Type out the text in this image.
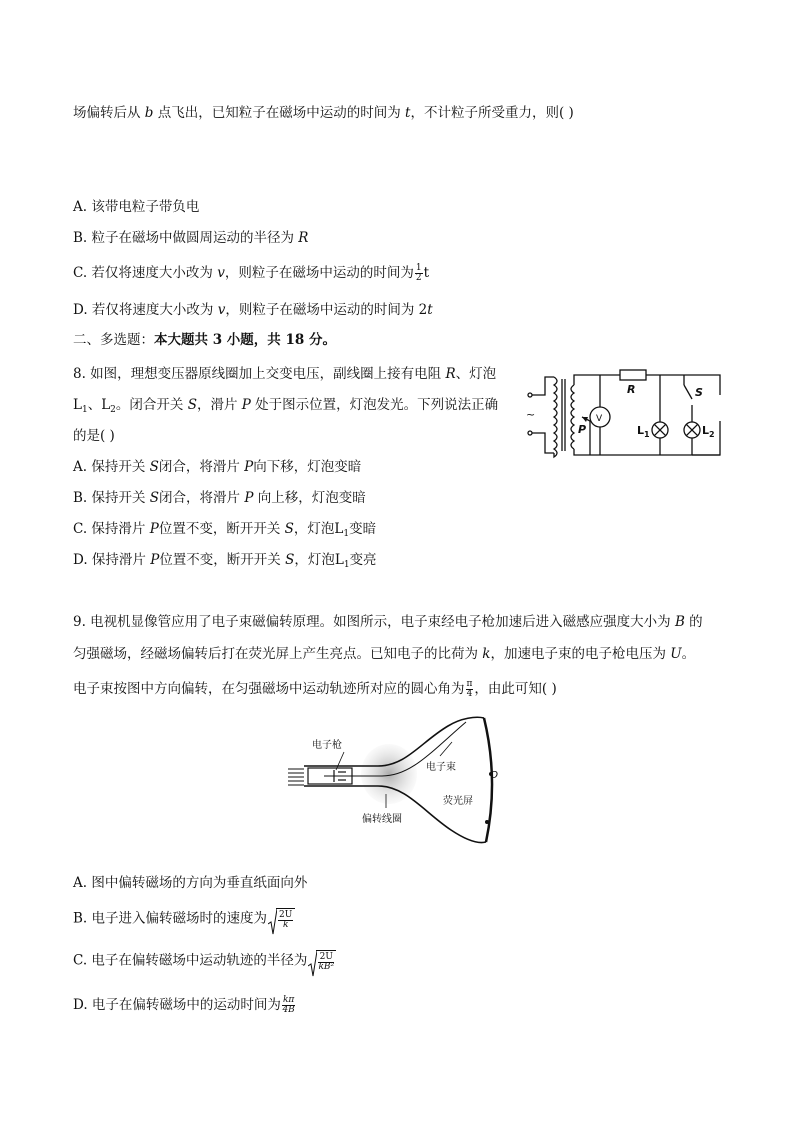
场偏转后从 b 点飞出，已知粒子在磁场中运动的时间为 t，不计粒子所受重力，则( )
A. 该带电粒子带负电
B. 粒子在磁场中做圆周运动的半径为 R
C. 若仅将速度大小改为 v，则粒子在磁场中运动的时间为 $\frac{1}{2}$ t
D. 若仅将速度大小改为 v，则粒子在磁场中运动的时间为 2t
二、多选题：本大题共 3 小题，共 18 分。
8. 如图，理想变压器原线圈加上交变电压，副线圈上接有电阻 R、灯泡
$L_1$、$L_2$。闭合开关 S，滑片 P 处于图示位置，灯泡发光。下列说法正确
的是( )
A. 保持开关 S闭合，将滑片 P向下移，灯泡变暗
B. 保持开关 S闭合，将滑片 P 向上移，灯泡变暗
C. 保持滑片 P位置不变，断开开关 S，灯泡$L_1$变暗
D. 保持滑片 P位置不变，断开开关 S，灯泡$L_1$变亮
~
R	S
V
P	$L_1$	$L_2$
9. 电视机显像管应用了电子束磁偏转原理。如图所示，电子束经电子枪加速后进入磁感应强度大小为 B 的
匀强磁场，经磁场偏转后打在荧光屏上产生亮点。已知电子的比荷为 k，加速电子束的电子枪电压为 U。
电子束按图中方向偏转，在匀强磁场中运动轨迹所对应的圆心角为 $\frac{\pi}{4}$ ，由此可知( )
电子枪
电子束
O
荧光屏
偏转线圈
A. 图中偏转磁场的方向为垂直纸面向外
B. 电子进入偏转磁场时的速度为 $\frac{2U}{k}$
C. 电子在偏转磁场中运动轨迹的半径为 $\frac{2U}{\text{kB²}}$
D. 电子在偏转磁场中的运动时间为 $\frac{k\pi}{4B}$
